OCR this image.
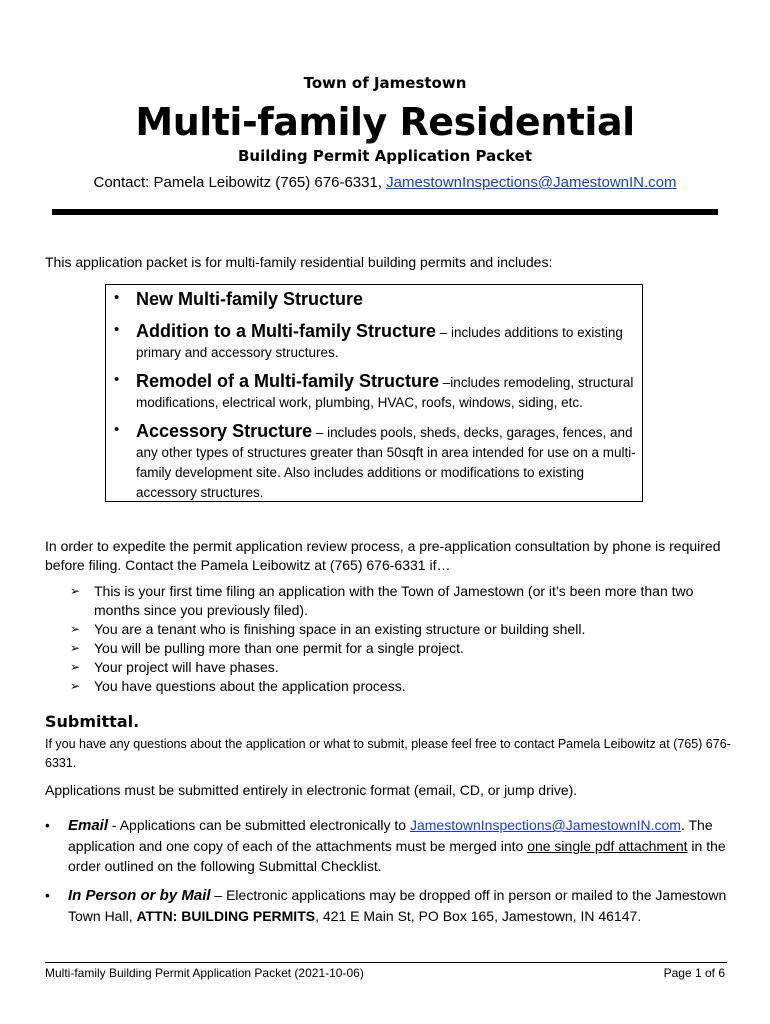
Town of Jamestown
Multi-family Residential
Building Permit Application Packet
Contact: Pamela Leibowitz (765) 676-6331, JamestownInspections@JamestownIN.com
This application packet is for multi-family residential building permits and includes:
• New Multi-family Structure
• Addition to a Multi-family Structure – includes additions to existing primary and accessory structures.
• Remodel of a Multi-family Structure –includes remodeling, structural modifications, electrical work, plumbing, HVAC, roofs, windows, siding, etc.
• Accessory Structure – includes pools, sheds, decks, garages, fences, and any other types of structures greater than 50sqft in area intended for use on a multi-family development site. Also includes additions or modifications to existing accessory structures.
In order to expedite the permit application review process, a pre-application consultation by phone is required before filing. Contact the Pamela Leibowitz at (765) 676-6331 if…
➢ This is your first time filing an application with the Town of Jamestown (or it’s been more than two months since you previously filed).
➢ You are a tenant who is finishing space in an existing structure or building shell.
➢ You will be pulling more than one permit for a single project.
➢ Your project will have phases.
➢ You have questions about the application process.
Submittal.
If you have any questions about the application or what to submit, please feel free to contact Pamela Leibowitz at (765) 676-6331.
Applications must be submitted entirely in electronic format (email, CD, or jump drive).
• Email - Applications can be submitted electronically to JamestownInspections@JamestownIN.com. The application and one copy of each of the attachments must be merged into one single pdf attachment in the order outlined on the following Submittal Checklist.
• In Person or by Mail – Electronic applications may be dropped off in person or mailed to the Jamestown Town Hall, ATTN: BUILDING PERMITS, 421 E Main St, PO Box 165, Jamestown, IN 46147.
Multi-family Building Permit Application Packet (2021-10-06)	Page 1 of 6
